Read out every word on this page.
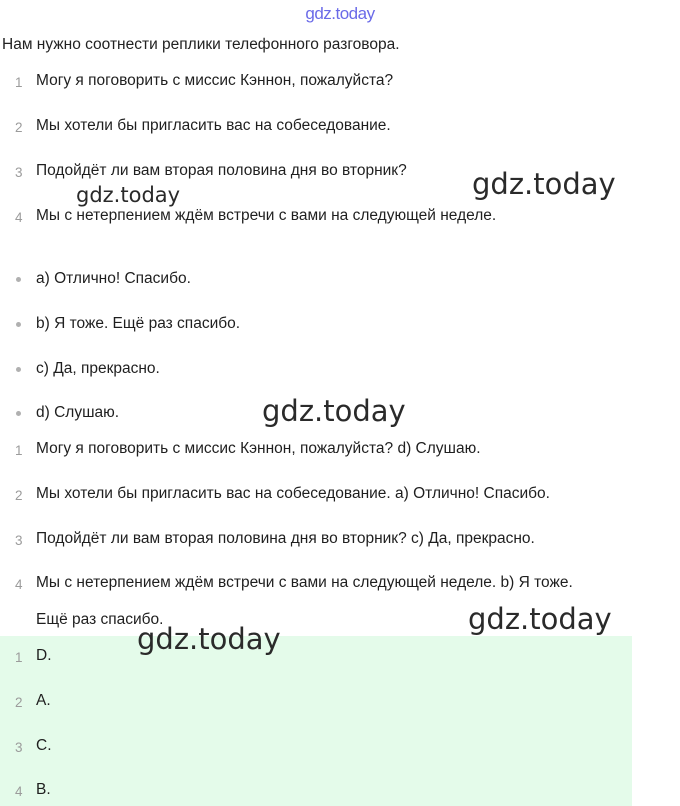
gdz.today
Нам нужно соотнести реплики телефонного разговора.
1 Могу я поговорить с миссис Кэннон, пожалуйста?
2 Мы хотели бы пригласить вас на собеседование.
3 Подойдёт ли вам вторая половина дня во вторник?
4 Мы с нетерпением ждём встречи с вами на следующей неделе.
a) Отлично! Спасибо.
b) Я тоже. Ещё раз спасибо.
c) Да, прекрасно.
d) Слушаю.
1 Могу я поговорить с миссис Кэннон, пожалуйста? d) Слушаю.
2 Мы хотели бы пригласить вас на собеседование. a) Отлично! Спасибо.
3 Подойдёт ли вам вторая половина дня во вторник? c) Да, прекрасно.
4 Мы с нетерпением ждём встречи с вами на следующей неделе. b) Я тоже.
Ещё раз спасибо.
1 D.
2 A.
3 C.
4 B.
gdz.today	gdz.today
gdz.today
gdz.today
gdz.today
